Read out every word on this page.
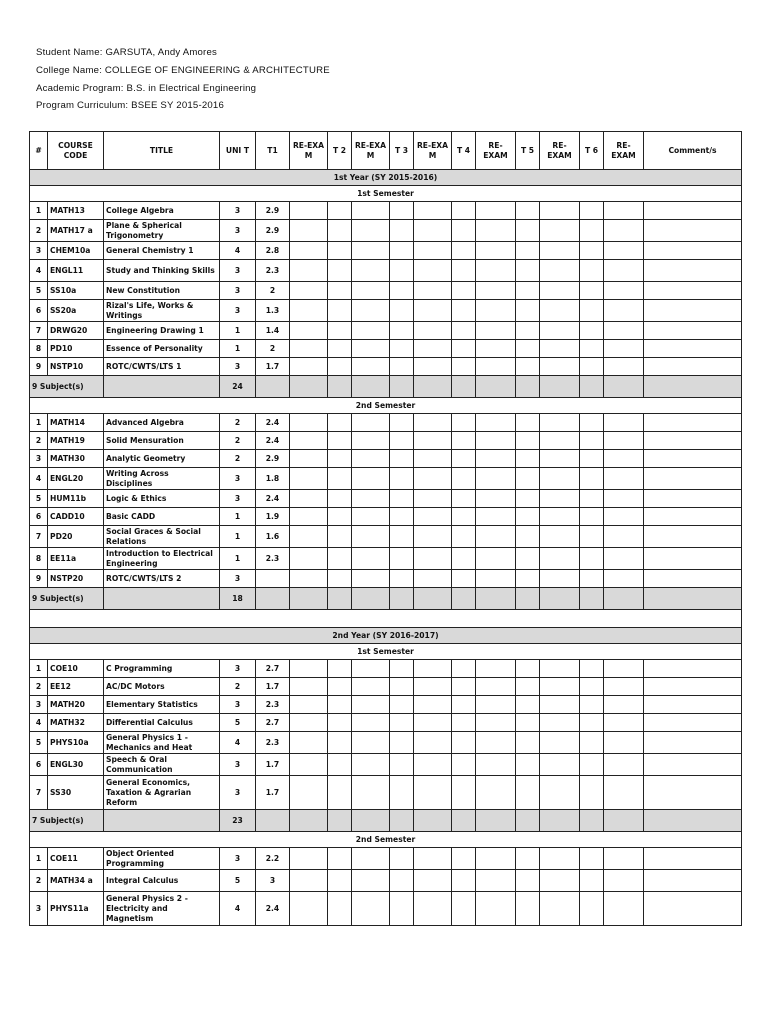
Student Name: GARSUTA, Andy Amores
College Name: COLLEGE OF ENGINEERING & ARCHITECTURE
Academic Program: B.S. in Electrical Engineering
Program Curriculum: BSEE SY 2015-2016
#	COURSE CODE	TITLE	UNI T	T1	RE-EXA M	T 2	RE-EXA M	T 3	RE-EXA M	T 4	RE-EXAM	T 5	RE-EXAM	T 6	RE-EXAM	Comment/s
1st Year (SY 2015-2016)																
1st Semester																
1	MATH13	College Algebra	3	2.9												
2	MATH17 a	Plane & Spherical Trigonometry	3	2.9												
3	CHEM10a	General Chemistry 1	4	2.8												
4	ENGL11	Study and Thinking Skills	3	2.3												
5	SS10a	New Constitution	3	2												
6	SS20a	Rizal's Life, Works & Writings	3	1.3												
7	DRWG20	Engineering Drawing 1	1	1.4												
8	PD10	Essence of Personality	1	2												
9	NSTP10	ROTC/CWTS/LTS 1	3	1.7												
9 Subject(s)			24													
2nd Semester																
1	MATH14	Advanced Algebra	2	2.4												
2	MATH19	Solid Mensuration	2	2.4												
3	MATH30	Analytic Geometry	2	2.9												
4	ENGL20	Writing Across Disciplines	3	1.8												
5	HUM11b	Logic & Ethics	3	2.4												
6	CADD10	Basic CADD	1	1.9												
7	PD20	Social Graces & Social Relations	1	1.6												
8	EE11a	Introduction to Electrical Engineering	1	2.3												
9	NSTP20	ROTC/CWTS/LTS 2	3													
9 Subject(s)			18													

2nd Year (SY 2016-2017)																
1st Semester																
1	COE10	C Programming	3	2.7												
2	EE12	AC/DC Motors	2	1.7												
3	MATH20	Elementary Statistics	3	2.3												
4	MATH32	Differential Calculus	5	2.7												
5	PHYS10a	General Physics 1 - Mechanics and Heat	4	2.3												
6	ENGL30	Speech & Oral Communication	3	1.7												
7	SS30	General Economics, Taxation & Agrarian Reform	3	1.7												
7 Subject(s)			23													
2nd Semester																
1	COE11	Object Oriented Programming	3	2.2												
2	MATH34 a	Integral Calculus	5	3												
3	PHYS11a	General Physics 2 - Electricity and Magnetism	4	2.4												
